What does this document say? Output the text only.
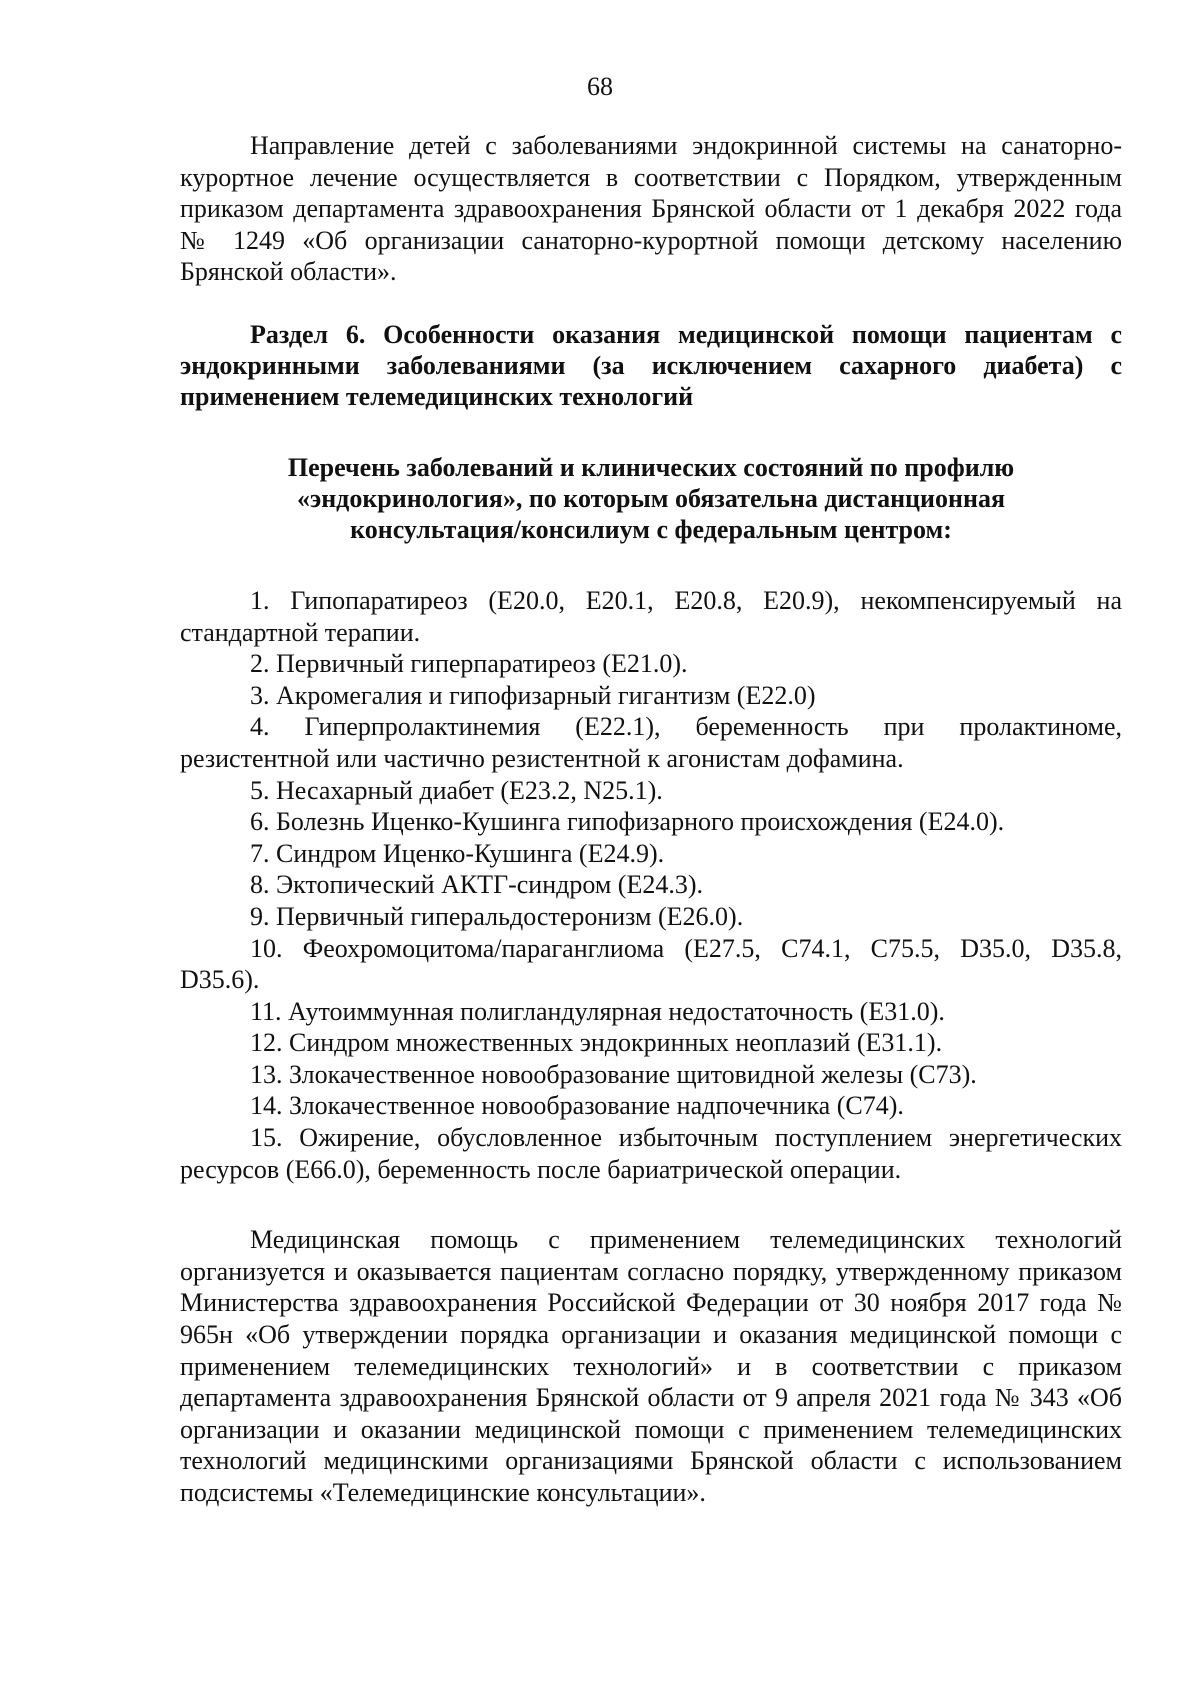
68

Направление детей с заболеваниями эндокринной системы на санаторно-курортное лечение осуществляется в соответствии с Порядком, утвержденным приказом департамента здравоохранения Брянской области от 1 декабря 2022 года № 1249 «Об организации санаторно-курортной помощи детскому населению Брянской области».

Раздел 6. Особенности оказания медицинской помощи пациентам с эндокринными заболеваниями (за исключением сахарного диабета) с применением телемедицинских технологий
Перечень заболеваний и клинических состояний по профилю «эндокринология», по которым обязательна дистанционная консультация/консилиум с федеральным центром:
1. Гипопаратиреоз (Е20.0, Е20.1, Е20.8, Е20.9), некомпенсируемый на стандартной терапии.
2. Первичный гиперпаратиреоз (Е21.0).
3. Акромегалия и гипофизарный гигантизм (Е22.0)
4. Гиперпролактинемия (Е22.1), беременность при пролактиноме, резистентной или частично резистентной к агонистам дофамина.
5. Несахарный диабет (Е23.2, N25.1).
6. Болезнь Иценко-Кушинга гипофизарного происхождения (Е24.0).
7. Синдром Иценко-Кушинга (Е24.9).
8. Эктопический АКТГ-синдром (Е24.3).
9. Первичный гиперальдостеронизм (Е26.0).
10. Феохромоцитома/параганглиома (Е27.5, С74.1, С75.5, D35.0, D35.8, D35.6).
11. Аутоиммунная полигландулярная недостаточность (Е31.0).
12. Синдром множественных эндокринных неоплазий (Е31.1).
13. Злокачественное новообразование щитовидной железы (С73).
14. Злокачественное новообразование надпочечника (С74).
15. Ожирение, обусловленное избыточным поступлением энергетических ресурсов (Е66.0), беременность после бариатрической операции.

Медицинская помощь с применением телемедицинских технологий организуется и оказывается пациентам согласно порядку, утвержденному приказом Министерства здравоохранения Российской Федерации от 30 ноября 2017 года № 965н «Об утверждении порядка организации и оказания медицинской помощи с применением телемедицинских технологий» и в соответствии с приказом департамента здравоохранения Брянской области от 9 апреля 2021 года № 343 «Об организации и оказании медицинской помощи с применением телемедицинских технологий медицинскими организациями Брянской области с использованием подсистемы «Телемедицинские консультации».
